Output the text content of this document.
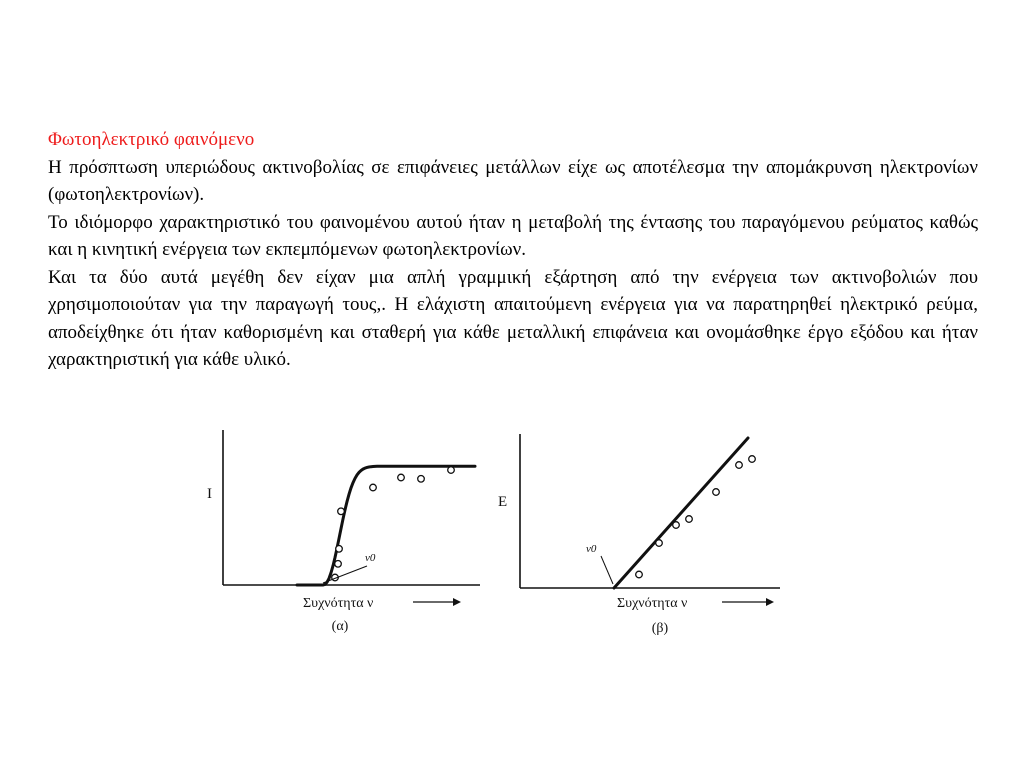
Φωτοηλεκτρικό φαινόμενο

Η πρόσπτωση υπεριώδους ακτινοβολίας σε επιφάνειες μετάλλων είχε ως αποτέλεσμα την απομάκρυνση ηλεκτρονίων (φωτοηλεκτρονίων).

Το ιδιόμορφο χαρακτηριστικό του φαινομένου αυτού ήταν η μεταβολή της έντασης του παραγόμενου ρεύματος καθώς και η κινητική ενέργεια των εκπεμπόμενων φωτοηλεκτρονίων.

Και τα δύο αυτά μεγέθη δεν είχαν μια απλή γραμμική εξάρτηση από την ενέργεια των ακτινοβολιών που χρησιμοποιούταν για την παραγωγή τους,. Η ελάχιστη απαιτούμενη ενέργεια για να παρατηρηθεί ηλεκτρικό ρεύμα, αποδείχθηκε ότι ήταν καθορισμένη και σταθερή για κάθε μεταλλική επιφάνεια και ονομάσθηκε έργο εξόδου και ήταν χαρακτηριστική για κάθε υλικό.

I
ν0
Συχνότητα ν
(α)
E
ν0
Συχνότητα ν
(β)
